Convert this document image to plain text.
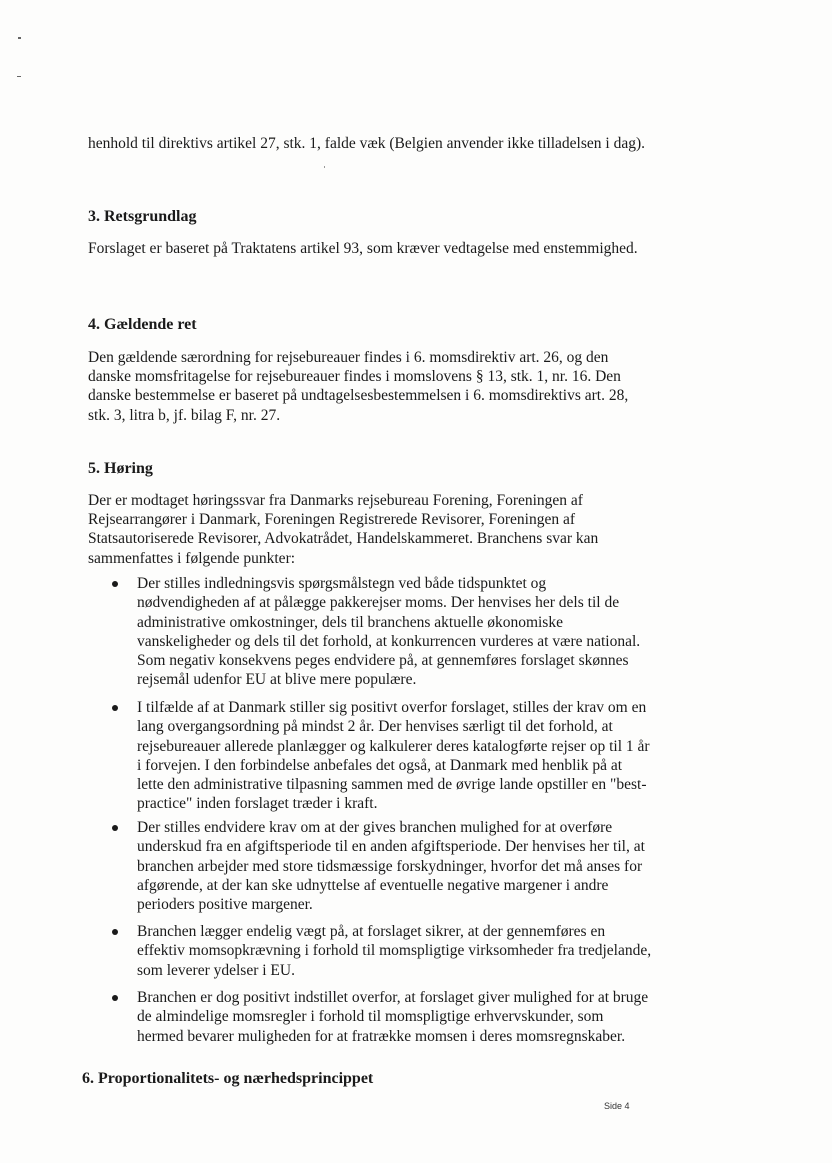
henhold til direktivs artikel 27, stk. 1, falde væk (Belgien anvender ikke tilladelsen i dag).

3. Retsgrundlag

Forslaget er baseret på Traktatens artikel 93, som kræver vedtagelse med enstemmighed.

4. Gældende ret

Den gældende særordning for rejsebureauer findes i 6. momsdirektiv art. 26, og den danske momsfritagelse for rejsebureauer findes i momslovens § 13, stk. 1, nr. 16. Den danske bestemmelse er baseret på undtagelsesbestemmelsen i 6. momsdirektivs art. 28, stk. 3, litra b, jf. bilag F, nr. 27.

5. Høring

Der er modtaget høringssvar fra Danmarks rejsebureau Forening, Foreningen af Rejsearrangører i Danmark, Foreningen Registrerede Revisorer, Foreningen af Statsautoriserede Revisorer, Advokatrådet, Handelskammeret. Branchens svar kan sammenfattes i følgende punkter:

Der stilles indledningsvis spørgsmålstegn ved både tidspunktet og nødvendigheden af at pålægge pakkerejser moms. Der henvises her dels til de administrative omkostninger, dels til branchens aktuelle økonomiske vanskeligheder og dels til det forhold, at konkurrencen vurderes at være national. Som negativ konsekvens peges endvidere på, at gennemføres forslaget skønnes rejsemål udenfor EU at blive mere populære.
I tilfælde af at Danmark stiller sig positivt overfor forslaget, stilles der krav om en lang overgangsordning på mindst 2 år. Der henvises særligt til det forhold, at rejsebureauer allerede planlægger og kalkulerer deres katalogførte rejser op til 1 år i forvejen. I den forbindelse anbefales det også, at Danmark med henblik på at lette den administrative tilpasning sammen med de øvrige lande opstiller en "best-practice" inden forslaget træder i kraft.
Der stilles endvidere krav om at der gives branchen mulighed for at overføre underskud fra en afgiftsperiode til en anden afgiftsperiode. Der henvises her til, at branchen arbejder med store tidsmæssige forskydninger, hvorfor det må anses for afgørende, at der kan ske udnyttelse af eventuelle negative margener i andre perioders positive margener.
Branchen lægger endelig vægt på, at forslaget sikrer, at der gennemføres en effektiv momsopkrævning i forhold til momspligtige virksomheder fra tredjelande, som leverer ydelser i EU.
Branchen er dog positivt indstillet overfor, at forslaget giver mulighed for at bruge de almindelige momsregler i forhold til momspligtige erhvervskunder, som hermed bevarer muligheden for at fratrække momsen i deres momsregnskaber.
6. Proportionalitets- og nærhedsprincippet
Side 4
